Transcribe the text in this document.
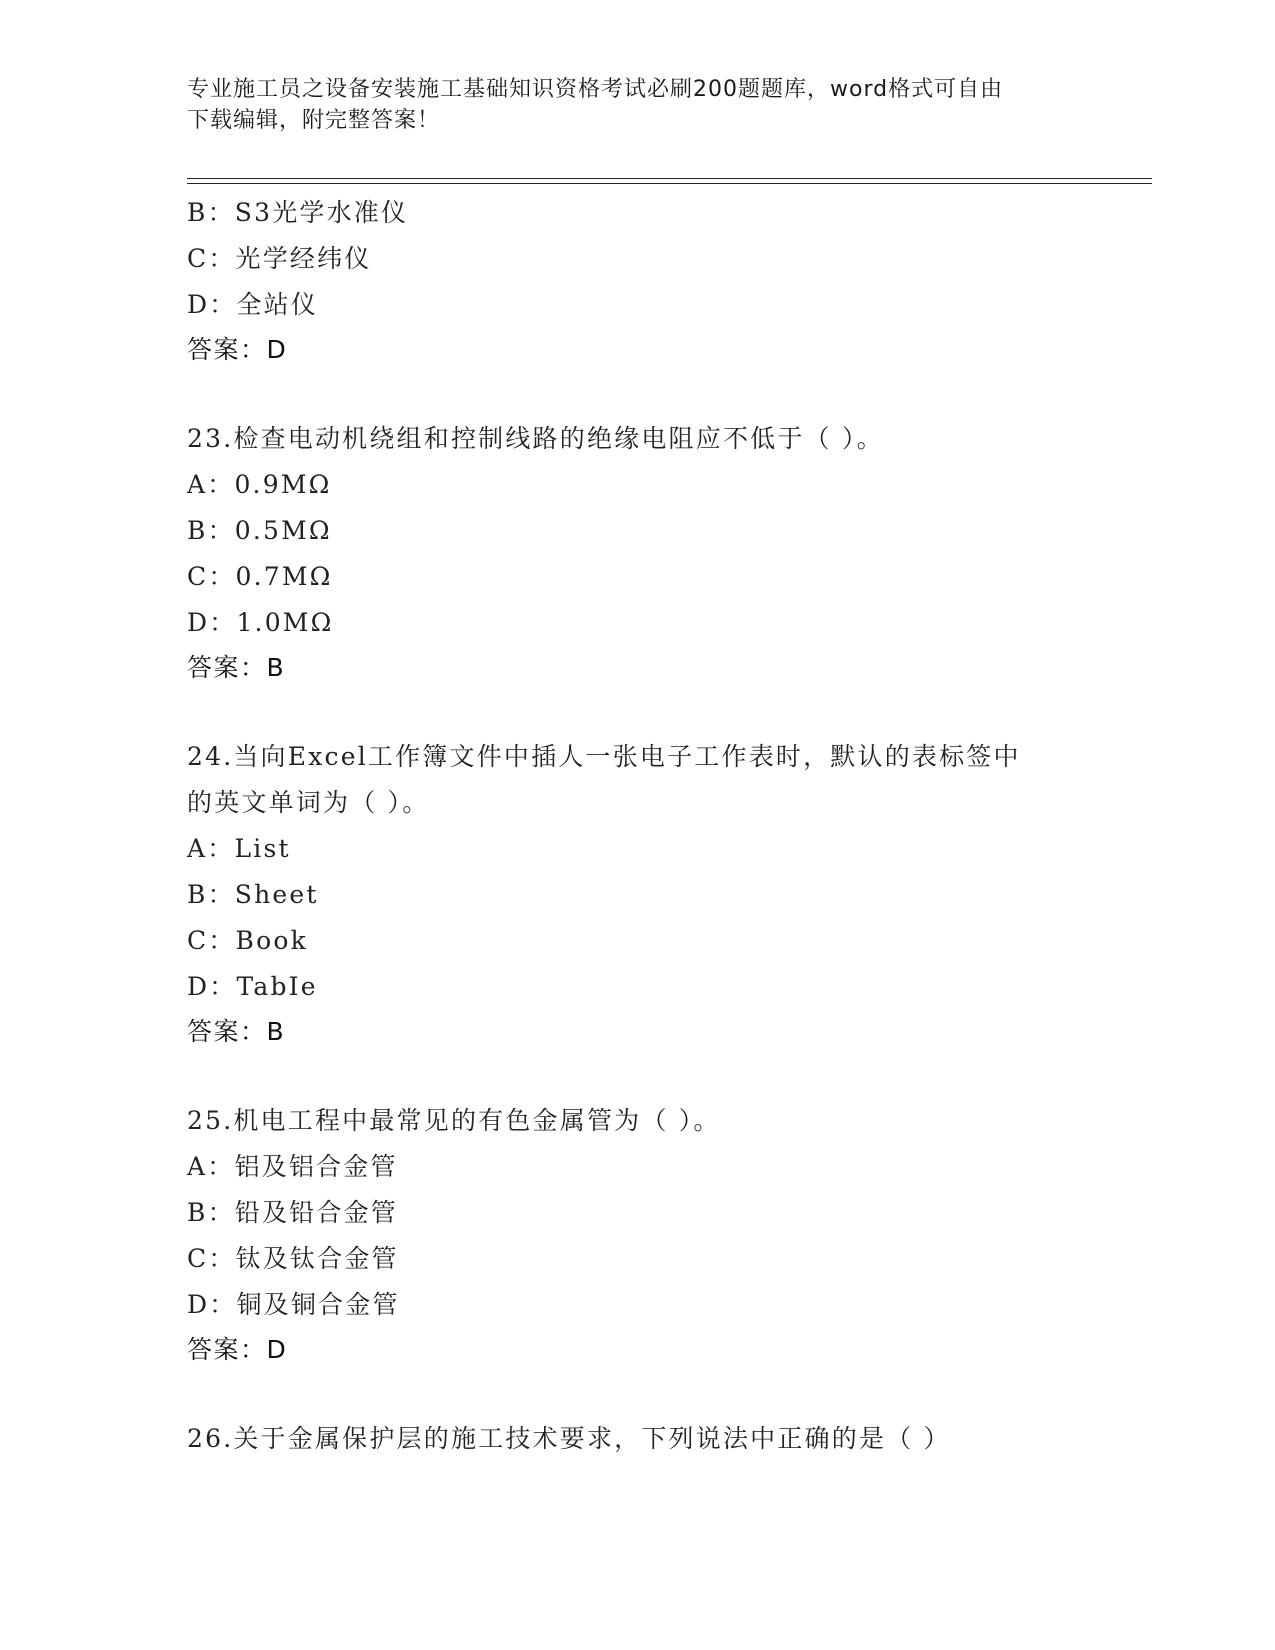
专业施工员之设备安装施工基础知识资格考试必刷200题题库，word格式可自由
下载编辑，附完整答案！
B：S3光学水准仪
C：光学经纬仪
D：全站仪
答案：D
23.检查电动机绕组和控制线路的绝缘电阻应不低于（ ）。
A：0.9MΩ
B：0.5MΩ
C：0.7MΩ
D：1.0MΩ
答案：B
24.当向Excel工作簿文件中插人一张电子工作表时，默认的表标签中
的英文单词为（ ）。
A：List
B：Sheet
C：Book
D：TabIe
答案：B
25.机电工程中最常见的有色金属管为（ ）。
A：铝及铝合金管
B：铅及铅合金管
C：钛及钛合金管
D：铜及铜合金管
答案：D
26.关于金属保护层的施工技术要求，下列说法中正确的是（ ）
